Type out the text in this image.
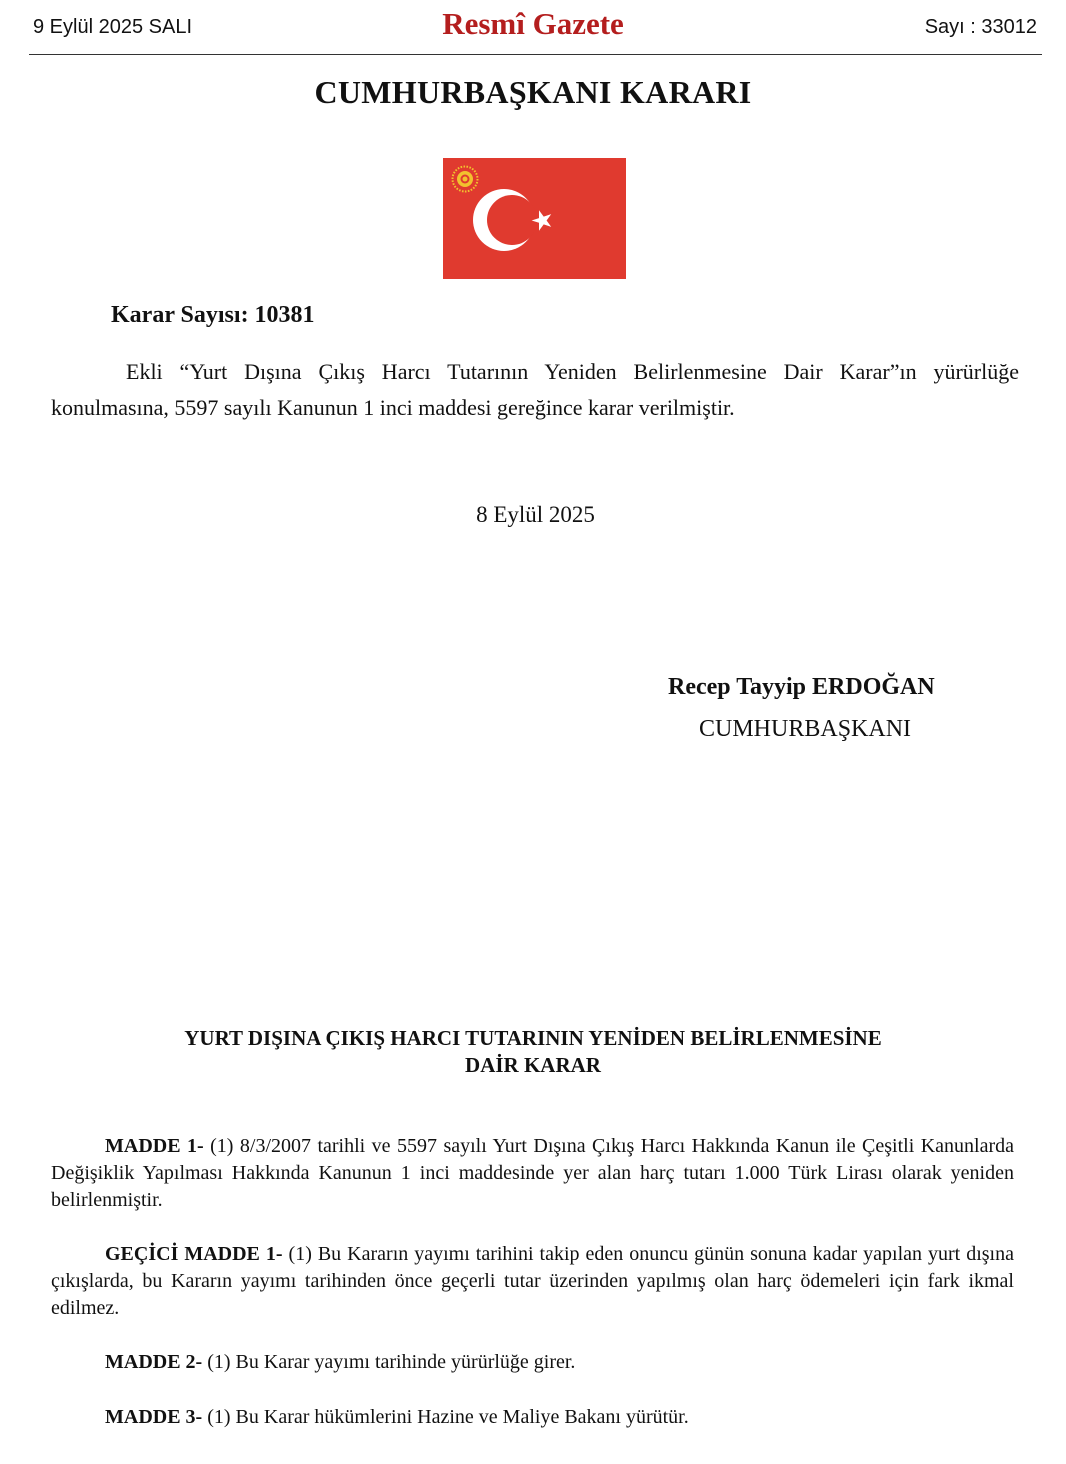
9 Eylül 2025 SALI	Resmî Gazete	Sayı : 33012
CUMHURBAŞKANI KARARI
Karar Sayısı: 10381
Ekli “Yurt Dışına Çıkış Harcı Tutarının Yeniden Belirlenmesine Dair Karar”ın yürürlüğe konulmasına, 5597 sayılı Kanunun 1 inci maddesi gereğince karar verilmiştir.
8 Eylül 2025
Recep Tayyip ERDOĞAN
CUMHURBAŞKANI
YURT DIŞINA ÇIKIŞ HARCI TUTARININ YENİDEN BELİRLENMESİNE
DAİR KARAR
MADDE 1- (1) 8/3/2007 tarihli ve 5597 sayılı Yurt Dışına Çıkış Harcı Hakkında Kanun ile Çeşitli Kanunlarda Değişiklik Yapılması Hakkında Kanunun 1 inci maddesinde yer alan harç tutarı 1.000 Türk Lirası olarak yeniden belirlenmiştir.
GEÇİCİ MADDE 1- (1) Bu Kararın yayımı tarihini takip eden onuncu günün sonuna kadar yapılan yurt dışına çıkışlarda, bu Kararın yayımı tarihinden önce geçerli tutar üzerinden yapılmış olan harç ödemeleri için fark ikmal edilmez.
MADDE 2- (1) Bu Karar yayımı tarihinde yürürlüğe girer.
MADDE 3- (1) Bu Karar hükümlerini Hazine ve Maliye Bakanı yürütür.
